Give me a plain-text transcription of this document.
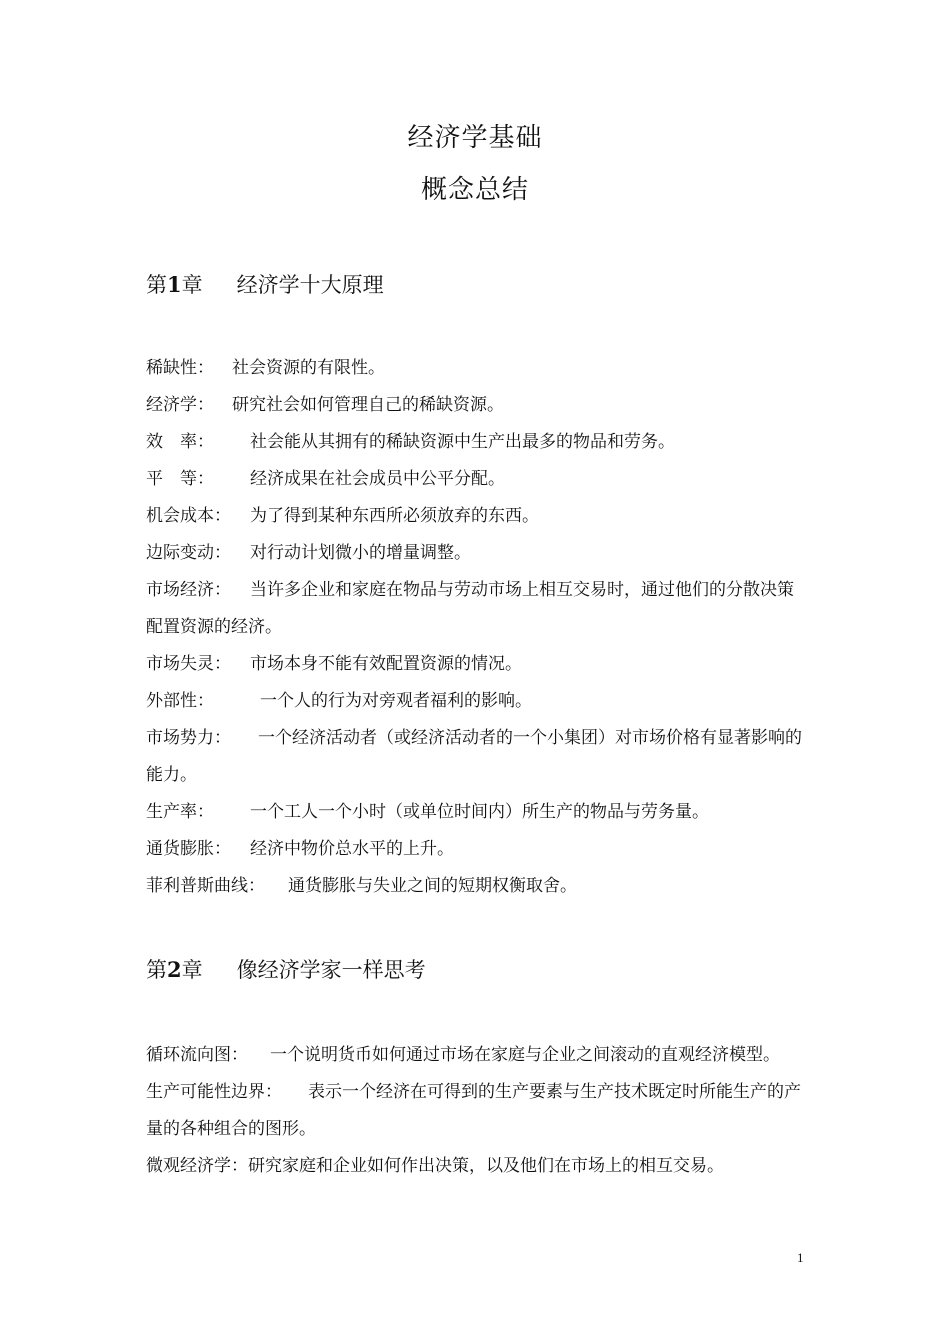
经济学基础
概念总结
第1章 经济学十大原理

稀缺性： 社会资源的有限性。

经济学： 研究社会如何管理自己的稀缺资源。

效　率： 社会能从其拥有的稀缺资源中生产出最多的物品和劳务。

平　等： 经济成果在社会成员中公平分配。

机会成本： 为了得到某种东西所必须放弃的东西。

边际变动： 对行动计划微小的增量调整。

市场经济： 当许多企业和家庭在物品与劳动市场上相互交易时，通过他们的分散决策配置资源的经济。

市场失灵： 市场本身不能有效配置资源的情况。

外部性：	一个人的行为对旁观者福利的影响。

市场势力： 一个经济活动者（或经济活动者的一个小集团）对市场价格有显著影响的能力。

生产率： 一个工人一个小时（或单位时间内）所生产的物品与劳务量。

通货膨胀： 经济中物价总水平的上升。

菲利普斯曲线： 通货膨胀与失业之间的短期权衡取舍。

第2章 像经济学家一样思考

循环流向图： 一个说明货币如何通过市场在家庭与企业之间滚动的直观经济模型。

生产可能性边界： 表示一个经济在可得到的生产要素与生产技术既定时所能生产的产量的各种组合的图形。

微观经济学：研究家庭和企业如何作出决策，以及他们在市场上的相互交易。

1
